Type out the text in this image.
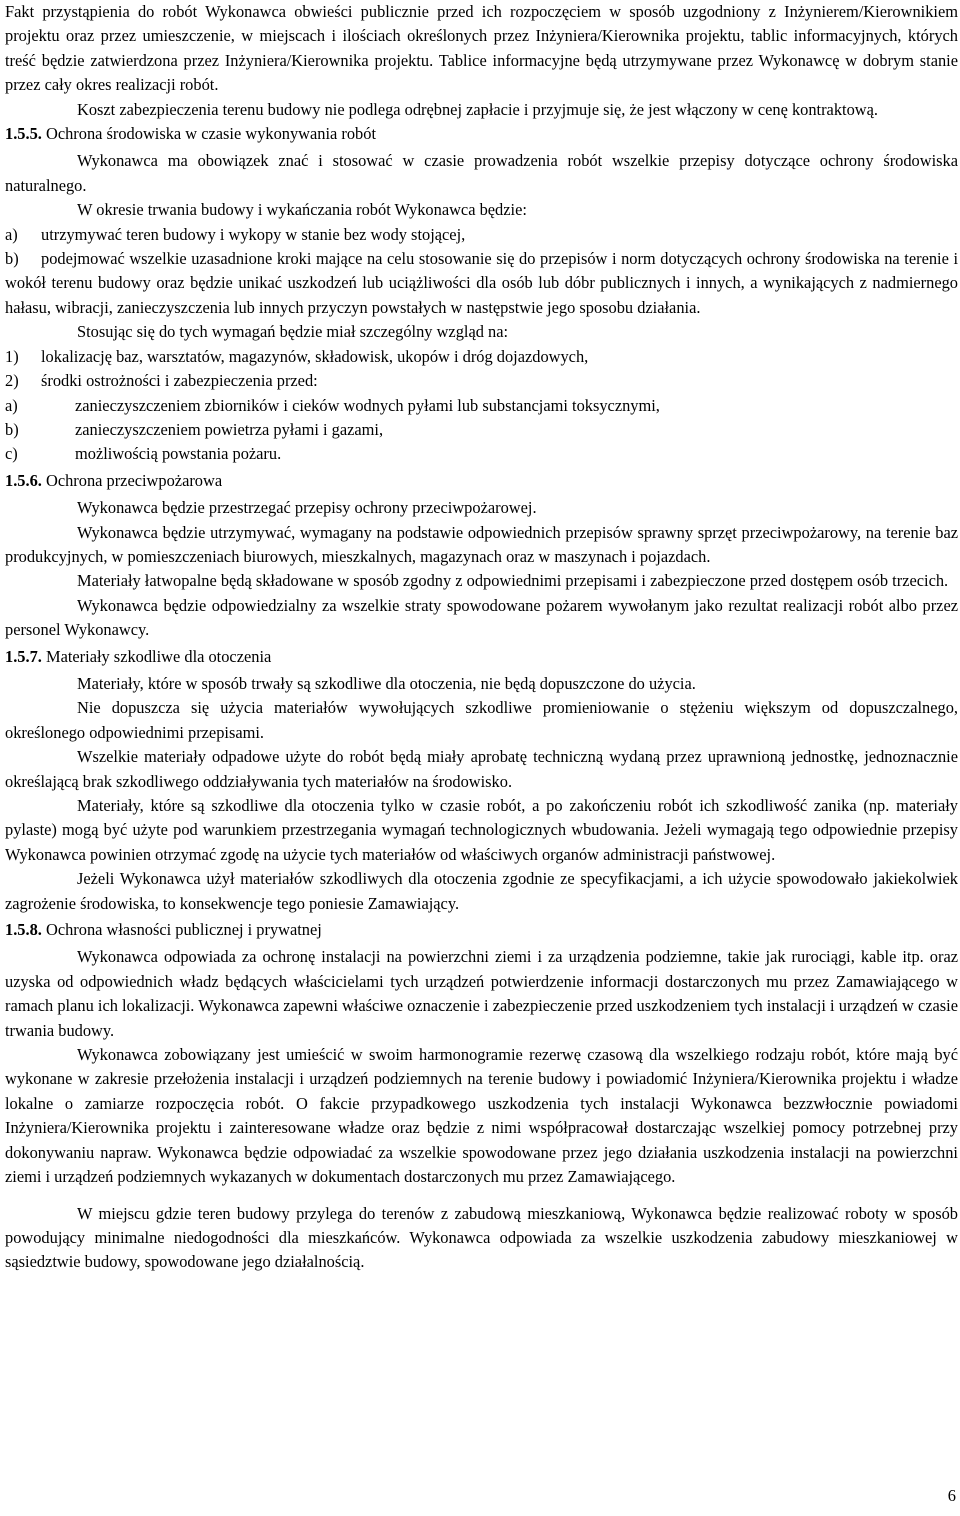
Fakt przystąpienia do robót Wykonawca obwieści publicznie przed ich rozpoczęciem w sposób uzgodniony z Inżynierem/Kierownikiem projektu oraz przez umieszczenie, w miejscach i ilościach określonych przez Inżyniera/Kierownika projektu, tablic informacyjnych, których treść będzie zatwierdzona przez Inżyniera/Kierownika projektu. Tablice informacyjne będą utrzymywane przez Wykonawcę w dobrym stanie przez cały okres realizacji robót.

Koszt zabezpieczenia terenu budowy nie podlega odrębnej zapłacie i przyjmuje się, że jest włączony w cenę kontraktową.

1.5.5. Ochrona środowiska w czasie wykonywania robót

Wykonawca ma obowiązek znać i stosować w czasie prowadzenia robót wszelkie przepisy dotyczące ochrony środowiska naturalnego.

W okresie trwania budowy i wykańczania robót Wykonawca będzie:

a)	utrzymywać teren budowy i wykopy w stanie bez wody stojącej,

b) podejmować wszelkie uzasadnione kroki mające na celu stosowanie się do przepisów i norm dotyczących ochrony środowiska na terenie i wokół terenu budowy oraz będzie unikać uszkodzeń lub uciążliwości dla osób lub dóbr publicznych i innych, a wynikających z nadmiernego hałasu, wibracji, zanieczyszczenia lub innych przyczyn powstałych w następstwie jego sposobu działania.

Stosując się do tych wymagań będzie miał szczególny wzgląd na:

1)	lokalizację baz, warsztatów, magazynów, składowisk, ukopów i dróg dojazdowych,
2)	środki ostrożności i zabezpieczenia przed:
a)	zanieczyszczeniem zbiorników i cieków wodnych pyłami lub substancjami toksycznymi,
b)	zanieczyszczeniem powietrza pyłami i gazami,
c)	możliwością powstania pożaru.

1.5.6. Ochrona przeciwpożarowa

Wykonawca będzie przestrzegać przepisy ochrony przeciwpożarowej.

Wykonawca będzie utrzymywać, wymagany na podstawie odpowiednich przepisów sprawny sprzęt przeciwpożarowy, na terenie baz produkcyjnych, w pomieszczeniach biurowych, mieszkalnych, magazynach oraz w maszynach i pojazdach.

Materiały łatwopalne będą składowane w sposób zgodny z odpowiednimi przepisami i zabezpieczone przed dostępem osób trzecich.

Wykonawca będzie odpowiedzialny za wszelkie straty spowodowane pożarem wywołanym jako rezultat realizacji robót albo przez personel Wykonawcy.

1.5.7. Materiały szkodliwe dla otoczenia

Materiały, które w sposób trwały są szkodliwe dla otoczenia, nie będą dopuszczone do użycia.

Nie dopuszcza się użycia materiałów wywołujących szkodliwe promieniowanie o stężeniu większym od dopuszczalnego, określonego odpowiednimi przepisami.

Wszelkie materiały odpadowe użyte do robót będą miały aprobatę techniczną wydaną przez uprawnioną jednostkę, jednoznacznie określającą brak szkodliwego oddziaływania tych materiałów na środowisko.

Materiały, które są szkodliwe dla otoczenia tylko w czasie robót, a po zakończeniu robót ich szkodliwość zanika (np. materiały pylaste) mogą być użyte pod warunkiem przestrzegania wymagań technologicznych wbudowania. Jeżeli wymagają tego odpowiednie przepisy Wykonawca powinien otrzymać zgodę na użycie tych materiałów od właściwych organów administracji państwowej.

Jeżeli Wykonawca użył materiałów szkodliwych dla otoczenia zgodnie ze specyfikacjami, a ich użycie spowodowało jakiekolwiek zagrożenie środowiska, to konsekwencje tego poniesie Zamawiający.

1.5.8. Ochrona własności publicznej i prywatnej

Wykonawca odpowiada za ochronę instalacji na powierzchni ziemi i za urządzenia podziemne, takie jak rurociągi, kable itp. oraz uzyska od odpowiednich władz będących właścicielami tych urządzeń potwierdzenie informacji dostarczonych mu przez Zamawiającego w ramach planu ich lokalizacji. Wykonawca zapewni właściwe oznaczenie i zabezpieczenie przed uszkodzeniem tych instalacji i urządzeń w czasie trwania budowy.

Wykonawca zobowiązany jest umieścić w swoim harmonogramie rezerwę czasową dla wszelkiego rodzaju robót, które mają być wykonane w zakresie przełożenia instalacji i urządzeń podziemnych na terenie budowy i powiadomić Inżyniera/Kierownika projektu i władze lokalne o zamiarze rozpoczęcia robót. O fakcie przypadkowego uszkodzenia tych instalacji Wykonawca bezzwłocznie powiadomi Inżyniera/Kierownika projektu i zainteresowane władze oraz będzie z nimi współpracował dostarczając wszelkiej pomocy potrzebnej przy dokonywaniu napraw. Wykonawca będzie odpowiadać za wszelkie spowodowane przez jego działania uszkodzenia instalacji na powierzchni ziemi i urządzeń podziemnych wykazanych w dokumentach dostarczonych mu przez Zamawiającego.

W miejscu gdzie teren budowy przylega do terenów z zabudową mieszkaniową, Wykonawca będzie realizować roboty w sposób powodujący minimalne niedogodności dla mieszkańców. Wykonawca odpowiada za wszelkie uszkodzenia zabudowy mieszkaniowej w sąsiedztwie budowy, spowodowane jego działalnością.

6
